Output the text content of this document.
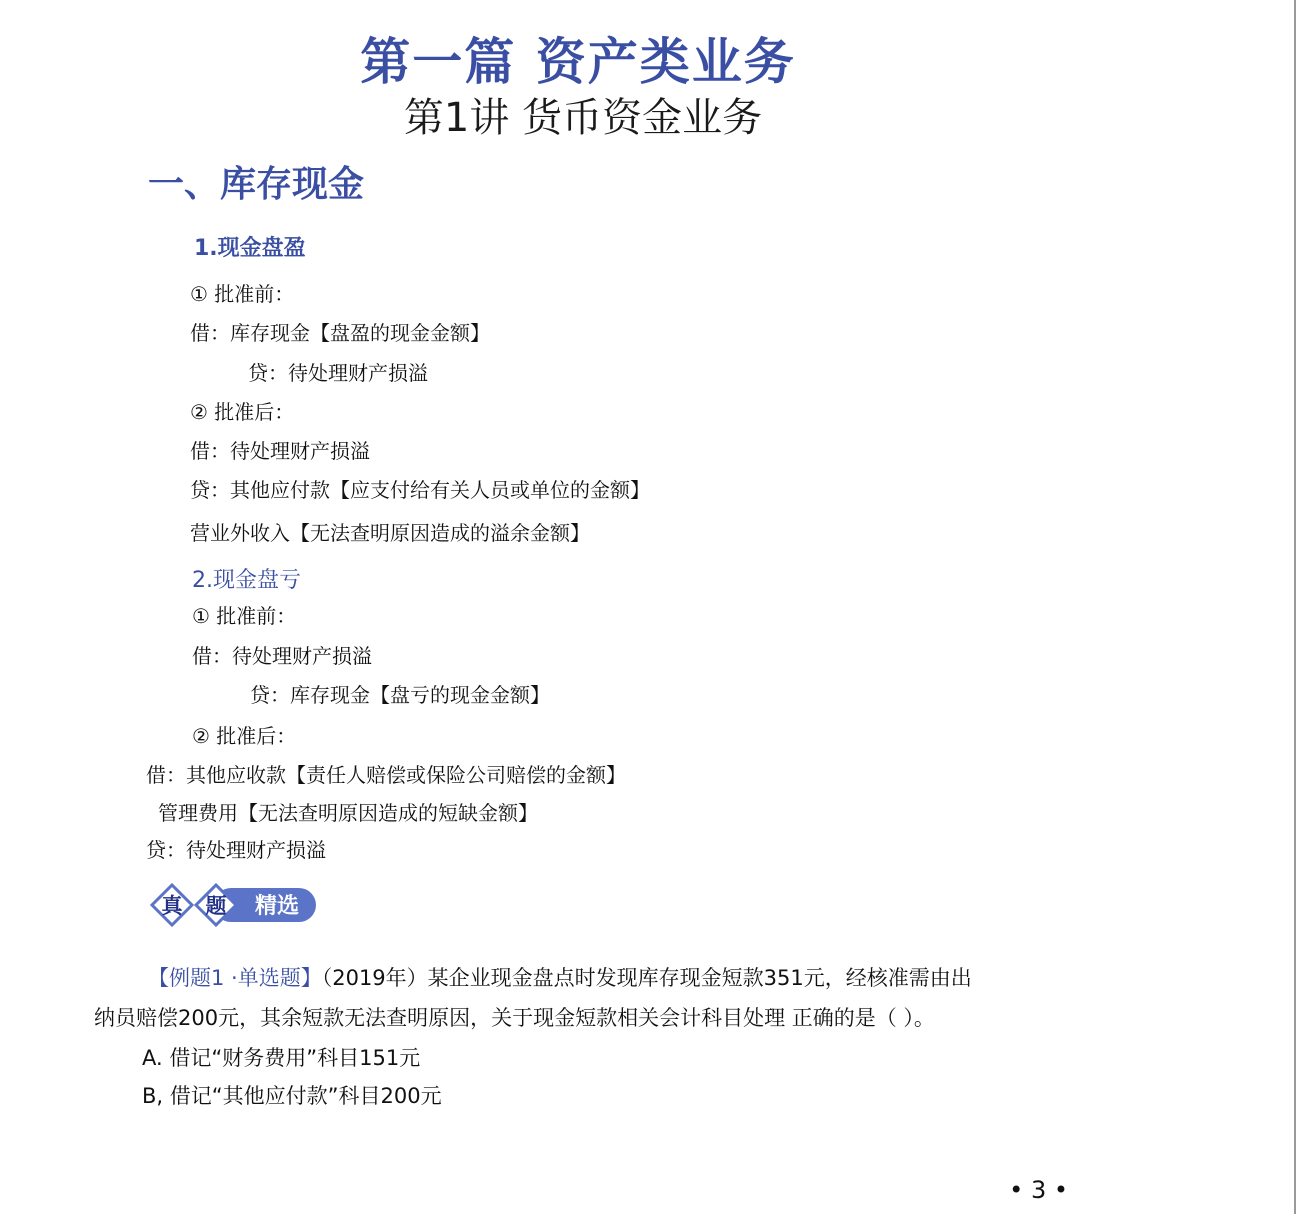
第一篇 资产类业务
第1讲 货币资金业务
一、库存现金
1.现金盘盈
① 批准前：
借：库存现金【盘盈的现金金额】
贷：待处理财产损溢
② 批准后：
借：待处理财产损溢
贷：其他应付款【应支付给有关人员或单位的金额】
营业外收入【无法查明原因造成的溢余金额】
2.现金盘亏
① 批准前：
借：待处理财产损溢
贷：库存现金【盘亏的现金金额】
② 批准后：
借：其他应收款【责任人赔偿或保险公司赔偿的金额】
管理费用【无法查明原因造成的短缺金额】
贷：待处理财产损溢
真 题 精选
【例题1 ·单选题】（2019年）某企业现金盘点时发现库存现金短款351元，经核准需由出
纳员赔偿200元，其余短款无法查明原因，关于现金短款相关会计科目处理 正确的是（ ）。
A. 借记“财务费用”科目151元
B, 借记“其他应付款”科目200元
• 3 •
